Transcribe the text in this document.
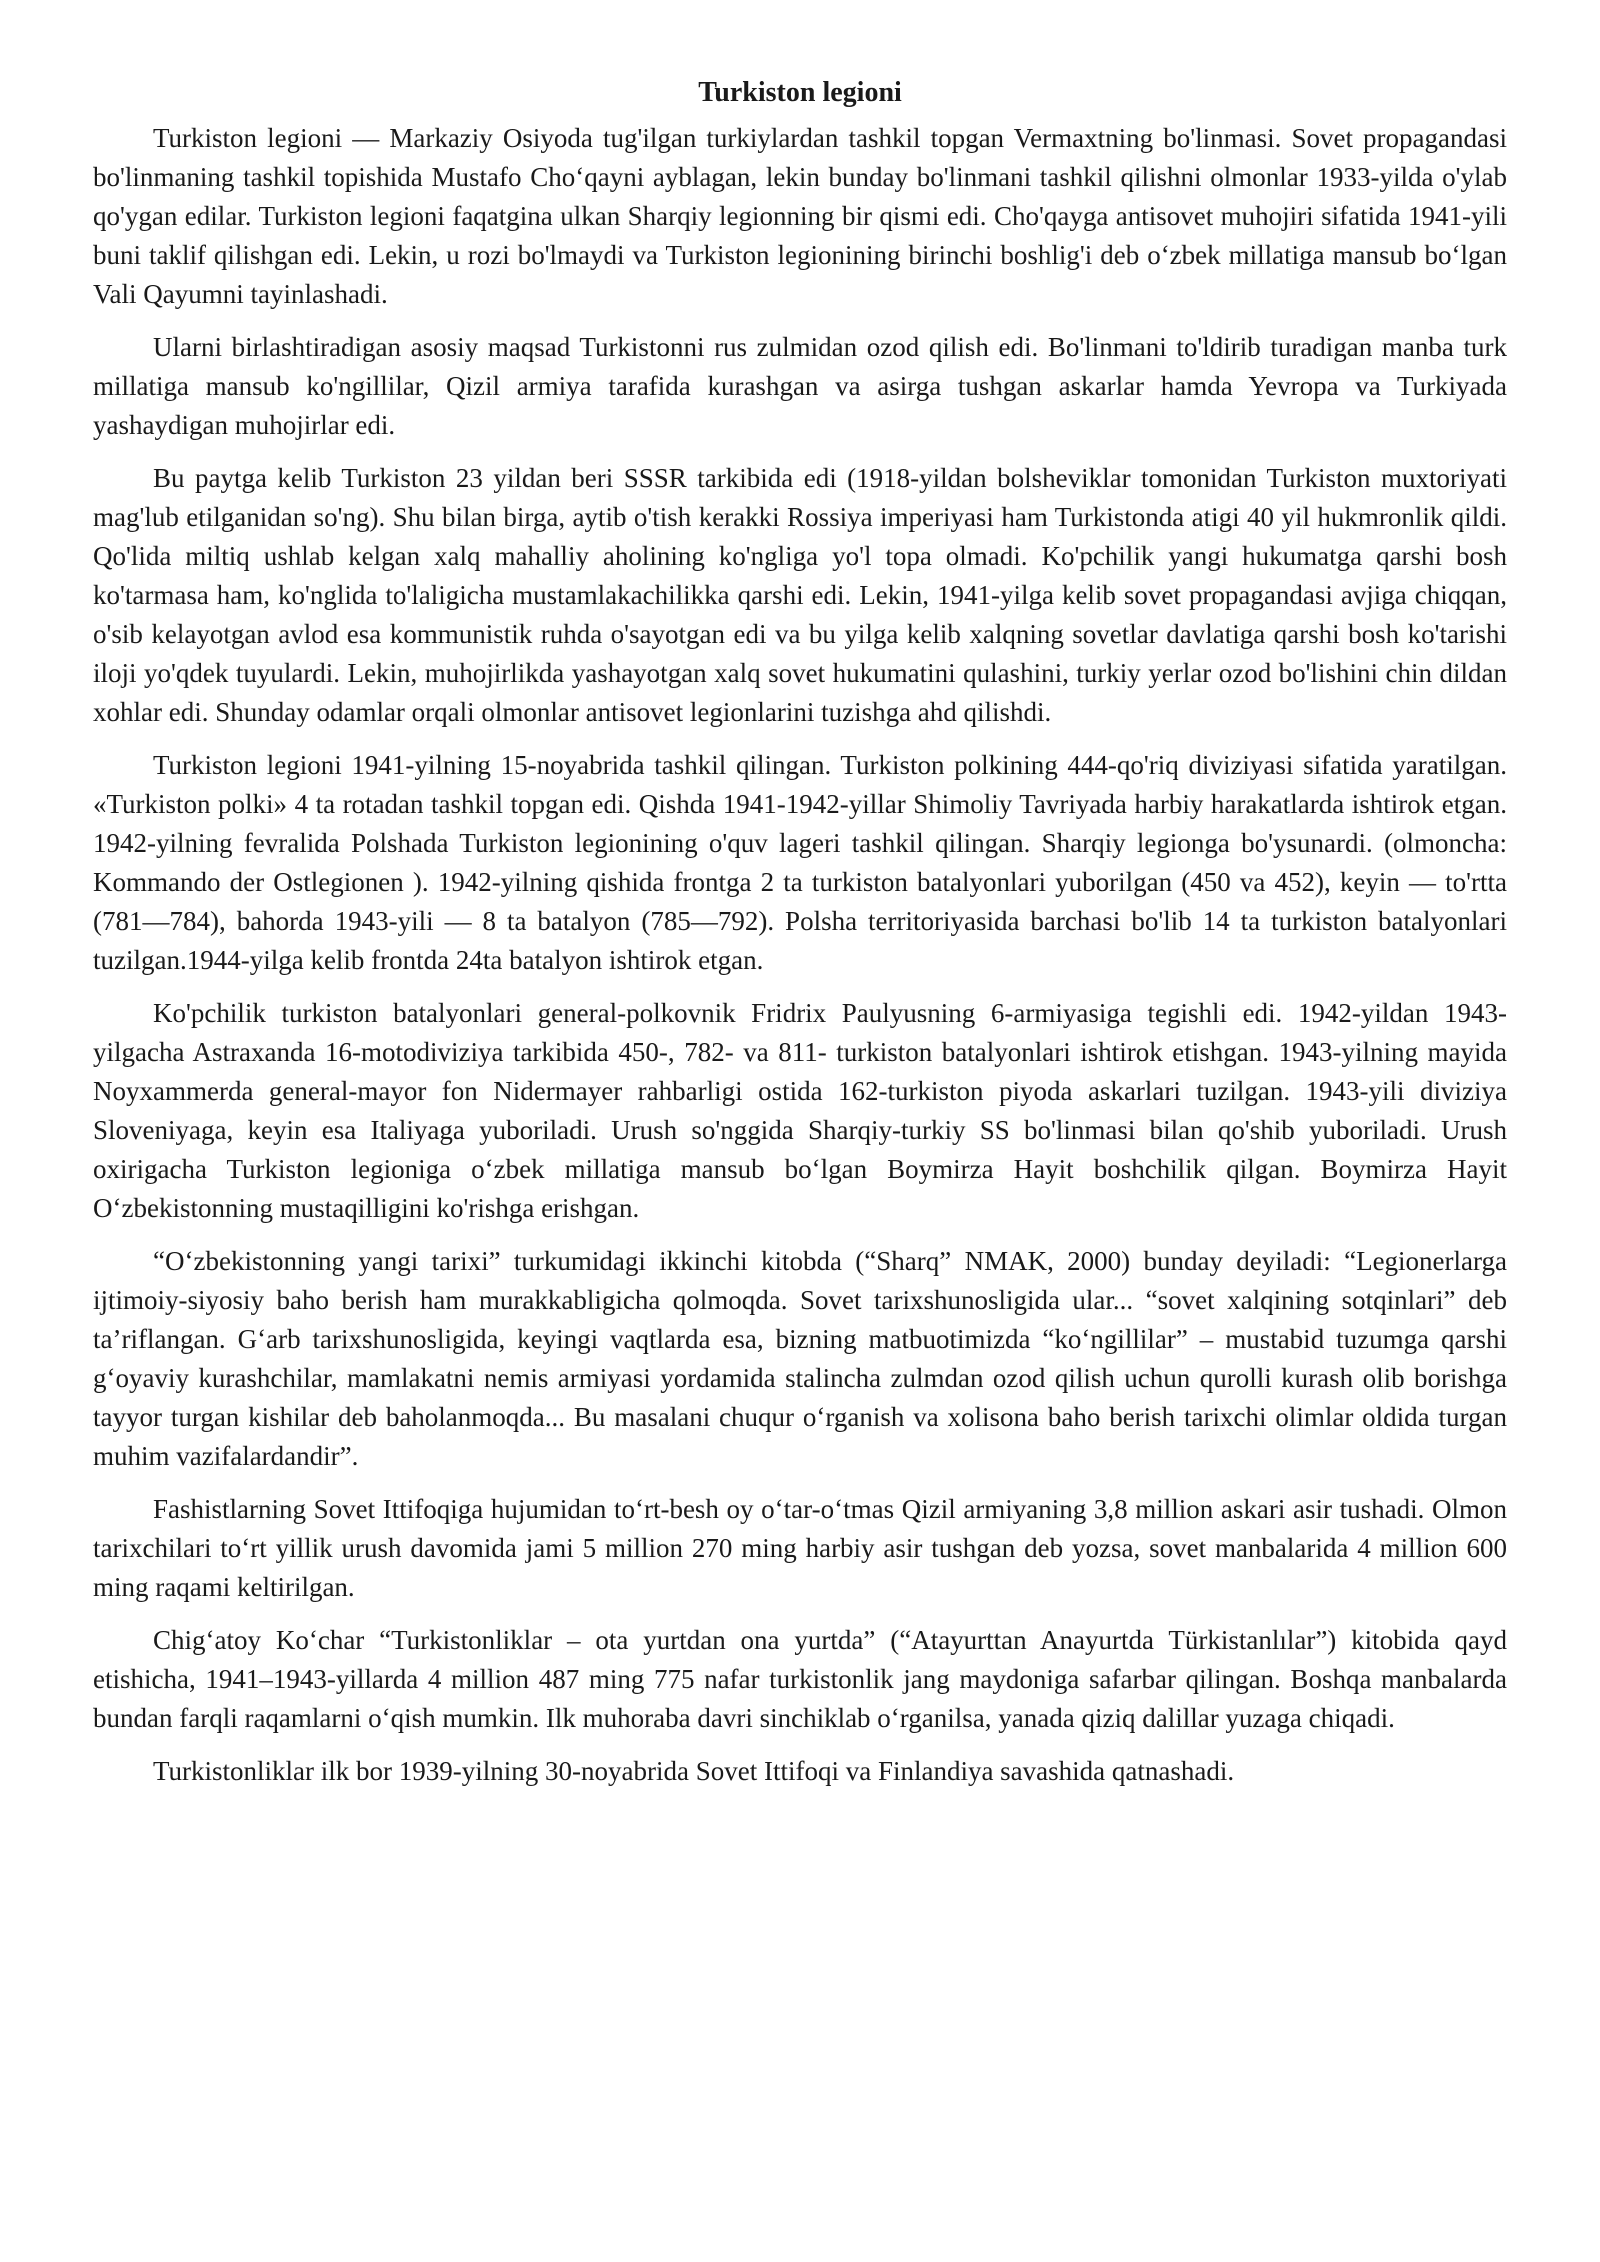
Turkiston legioni

Turkiston legioni — Markaziy Osiyoda tug'ilgan turkiylardan tashkil topgan Vermaxtning bo'linmasi. Sovet propagandasi bo'linmaning tashkil topishida Mustafo Cho‘qayni ayblagan, lekin bunday bo'linmani tashkil qilishni olmonlar 1933-yilda o'ylab qo'ygan edilar. Turkiston legioni faqatgina ulkan Sharqiy legionning bir qismi edi. Cho'qayga antisovet muhojiri sifatida 1941-yili buni taklif qilishgan edi. Lekin, u rozi bo'lmaydi va Turkiston legionining birinchi boshlig'i deb o‘zbek millatiga mansub bo‘lgan Vali Qayumni tayinlashadi.

Ularni birlashtiradigan asosiy maqsad Turkistonni rus zulmidan ozod qilish edi. Bo'linmani to'ldirib turadigan manba turk millatiga mansub ko'ngillilar, Qizil armiya tarafida kurashgan va asirga tushgan askarlar hamda Yevropa va Turkiyada yashaydigan muhojirlar edi.

Bu paytga kelib Turkiston 23 yildan beri SSSR tarkibida edi (1918-yildan bolsheviklar tomonidan Turkiston muxtoriyati mag'lub etilganidan so'ng). Shu bilan birga, aytib o'tish kerakki Rossiya imperiyasi ham Turkistonda atigi 40 yil hukmronlik qildi. Qo'lida miltiq ushlab kelgan xalq mahalliy aholining ko'ngliga yo'l topa olmadi. Ko'pchilik yangi hukumatga qarshi bosh ko'tarmasa ham, ko'nglida to'laligicha mustamlakachilikka qarshi edi. Lekin, 1941-yilga kelib sovet propagandasi avjiga chiqqan, o'sib kelayotgan avlod esa kommunistik ruhda o'sayotgan edi va bu yilga kelib xalqning sovetlar davlatiga qarshi bosh ko'tarishi iloji yo'qdek tuyulardi. Lekin, muhojirlikda yashayotgan xalq sovet hukumatini qulashini, turkiy yerlar ozod bo'lishini chin dildan xohlar edi. Shunday odamlar orqali olmonlar antisovet legionlarini tuzishga ahd qilishdi.

Turkiston legioni 1941-yilning 15-noyabrida tashkil qilingan. Turkiston polkining 444-qo'riq diviziyasi sifatida yaratilgan. «Turkiston polki» 4 ta rotadan tashkil topgan edi. Qishda 1941-1942-yillar Shimoliy Tavriyada harbiy harakatlarda ishtirok etgan. 1942-yilning fevralida Polshada Turkiston legionining o'quv lageri tashkil qilingan. Sharqiy legionga bo'ysunardi. (olmoncha: Kommando der Ostlegionen ). 1942-yilning qishida frontga 2 ta turkiston batalyonlari yuborilgan (450 va 452), keyin — to'rtta (781—784), bahorda 1943-yili — 8 ta batalyon (785—792). Polsha territoriyasida barchasi bo'lib 14 ta turkiston batalyonlari tuzilgan.1944-yilga kelib frontda 24ta batalyon ishtirok etgan.

Ko'pchilik turkiston batalyonlari general-polkovnik Fridrix Paulyusning 6-armiyasiga tegishli edi. 1942-yildan 1943-yilgacha Astraxanda 16-motodiviziya tarkibida 450-, 782- va 811- turkiston batalyonlari ishtirok etishgan. 1943-yilning mayida Noyxammerda general-mayor fon Nidermayer rahbarligi ostida 162-turkiston piyoda askarlari tuzilgan. 1943-yili diviziya Sloveniyaga, keyin esa Italiyaga yuboriladi. Urush so'nggida Sharqiy-turkiy SS bo'linmasi bilan qo'shib yuboriladi. Urush oxirigacha Turkiston legioniga o‘zbek millatiga mansub bo‘lgan Boymirza Hayit boshchilik qilgan. Boymirza Hayit O‘zbekistonning mustaqilligini ko'rishga erishgan.

“O‘zbekistonning yangi tarixi” turkumidagi ikkinchi kitobda (“Sharq” NMAK, 2000) bunday deyiladi: “Legionerlarga ijtimoiy-siyosiy baho berish ham murakkabligicha qolmoqda. Sovet tarixshunosligida ular... “sovet xalqining sotqinlari” deb ta’riflangan. G‘arb tarixshunosligida, keyingi vaqtlarda esa, bizning matbuotimizda “ko‘ngillilar” – mustabid tuzumga qarshi g‘oyaviy kurashchilar, mamlakatni nemis armiyasi yordamida stalincha zulmdan ozod qilish uchun qurolli kurash olib borishga tayyor turgan kishilar deb baholanmoqda... Bu masalani chuqur o‘rganish va xolisona baho berish tarixchi olimlar oldida turgan muhim vazifalardandir”.

Fashistlarning Sovet Ittifoqiga hujumidan to‘rt-besh oy o‘tar-o‘tmas Qizil armiyaning 3,8 million askari asir tushadi. Olmon tarixchilari to‘rt yillik urush davomida jami 5 million 270 ming harbiy asir tushgan deb yozsa, sovet manbalarida 4 million 600 ming raqami keltirilgan.

Chig‘atoy Ko‘char “Turkistonliklar – ota yurtdan ona yurtda” (“Atayurttan Anayurtda Türkistanlılar”) kitobida qayd etishicha, 1941–1943-yillarda 4 million 487 ming 775 nafar turkistonlik jang maydoniga safarbar qilingan. Boshqa manbalarda bundan farqli raqamlarni o‘qish mumkin. Ilk muhoraba davri sinchiklab o‘rganilsa, yanada qiziq dalillar yuzaga chiqadi.

Turkistonliklar ilk bor 1939-yilning 30-noyabrida Sovet Ittifoqi va Finlandiya savashida qatnashadi.
